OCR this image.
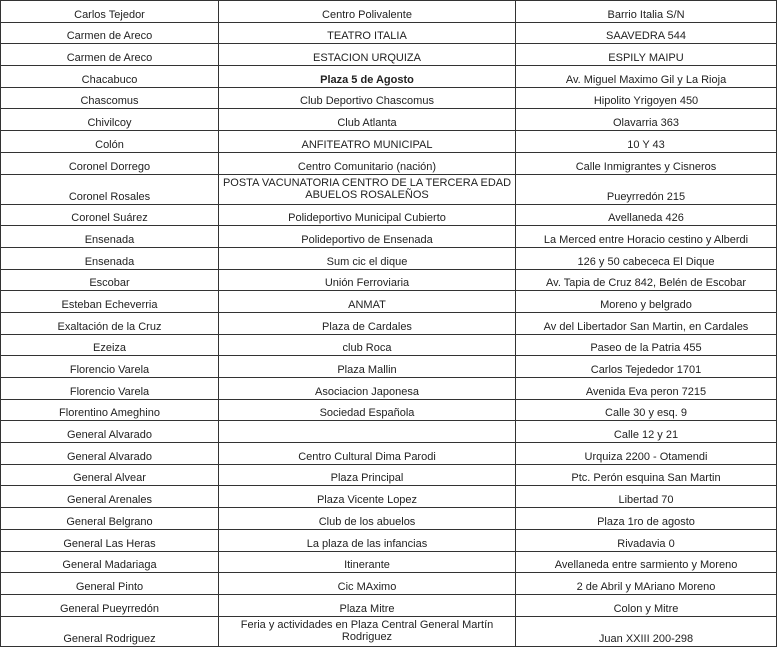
Carlos Tejedor	Centro Polivalente	Barrio Italia S/N
Carmen de Areco	TEATRO ITALIA	SAAVEDRA 544
Carmen de Areco	ESTACION URQUIZA	ESPILY MAIPU
Chacabuco	Plaza 5 de Agosto	Av. Miguel Maximo Gil y La Rioja
Chascomus	Club Deportivo Chascomus	Hipolito Yrigoyen 450
Chivilcoy	Club Atlanta	Olavarria 363
Colón	ANFITEATRO MUNICIPAL	10 Y 43
Coronel Dorrego	Centro Comunitario (nación)	Calle Inmigrantes y Cisneros
Coronel Rosales	POSTA VACUNATORIA CENTRO DE LA TERCERA EDAD ABUELOS ROSALEÑOS	Pueyrredón 215
Coronel Suárez	Polideportivo Municipal Cubierto	Avellaneda 426
Ensenada	Polideportivo de Ensenada	La Merced entre Horacio cestino y Alberdi
Ensenada	Sum cic el dique	126 y 50 cabececa El Dique
Escobar	Unión Ferroviaria	Av. Tapia de Cruz 842, Belén de Escobar
Esteban Echeverria	ANMAT	Moreno y belgrado
Exaltación de la Cruz	Plaza de Cardales	Av del Libertador San Martin, en Cardales
Ezeiza	club Roca	Paseo de la Patria 455
Florencio Varela	Plaza Mallin	Carlos Tejededor 1701
Florencio Varela	Asociacion Japonesa	Avenida Eva peron 7215
Florentino Ameghino	Sociedad Española	Calle 30 y esq. 9
General Alvarado		Calle 12 y 21
General Alvarado	Centro Cultural Dima Parodi	Urquiza 2200 - Otamendi
General Alvear	Plaza Principal	Ptc. Perón esquina San Martin
General Arenales	Plaza Vicente Lopez	Libertad 70
General Belgrano	Club de los abuelos	Plaza 1ro de agosto
General Las Heras	La plaza de las infancias	Rivadavia 0
General Madariaga	Itinerante	Avellaneda entre sarmiento y Moreno
General Pinto	Cic MAximo	2 de Abril y MAriano Moreno
General Pueyrredón	Plaza Mitre	Colon y Mitre
General Rodriguez	Feria y actividades en Plaza Central General Martín Rodriguez	Juan XXIII 200-298
